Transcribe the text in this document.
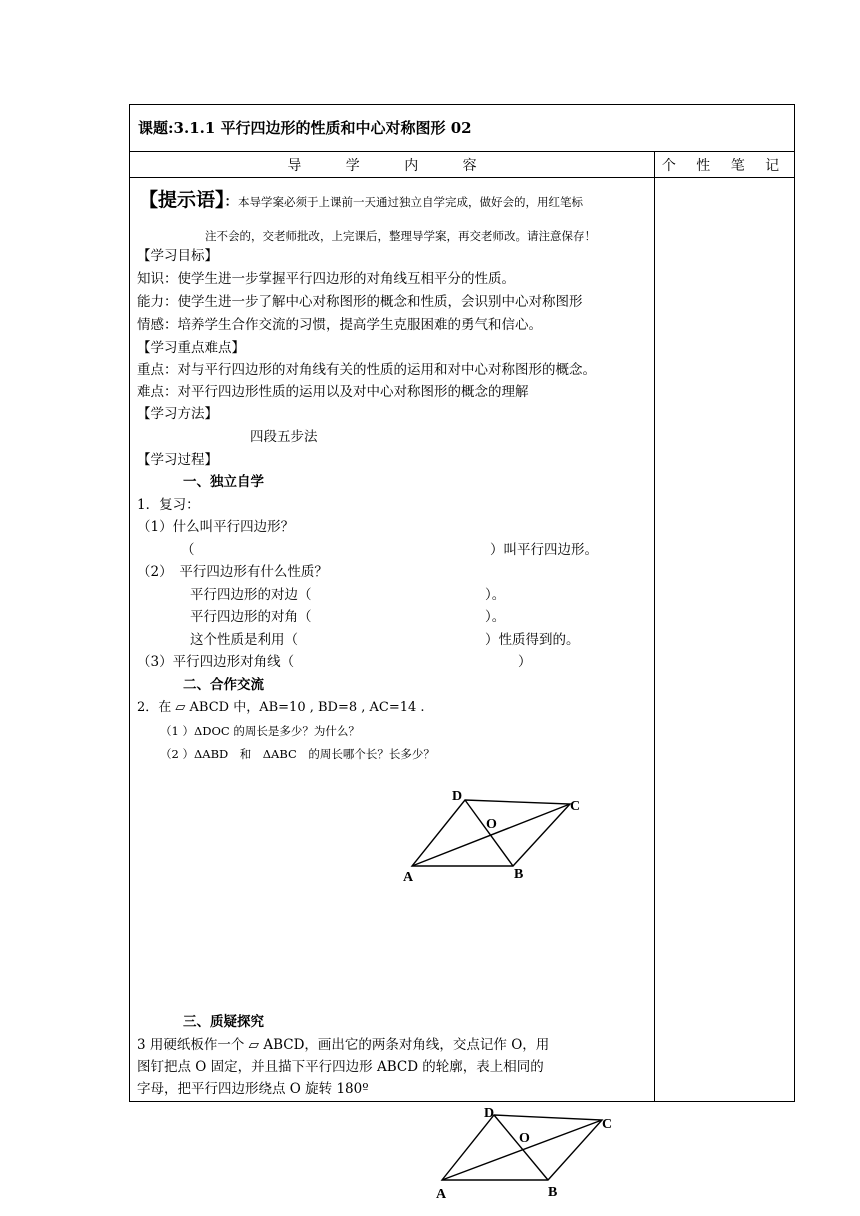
课题:3.1.1 平行四边形的性质和中心对称图形 02
导 学 内 容	个 性 笔 记
【提示语】：本导学案必须于上课前一天通过独立自学完成，做好会的，用红笔标
注不会的，交老师批改，上完课后，整理导学案，再交老师改。请注意保存！
【学习目标】
知识：使学生进一步掌握平行四边形的对角线互相平分的性质。
能力：使学生进一步了解中心对称图形的概念和性质，会识别中心对称图形
情感：培养学生合作交流的习惯，提高学生克服困难的勇气和信心。
【学习重点难点】
重点：对与平行四边形的对角线有关的性质的运用和对中心对称图形的概念。
难点：对平行四边形性质的运用以及对中心对称图形的概念的理解
【学习方法】
四段五步法
【学习过程】
一、独立自学
1．复习：
（1）什么叫平行四边形？
（	）叫平行四边形。
（2）　平行四边形有什么性质？
平行四边形的对边（	）。
平行四边形的对角（	）。
这个性质是利用（	）性质得到的。
（3）平行四边形对角线（	）
二、合作交流
2．在 ▱ ABCD 中，AB=10 , BD=8 , AC=14 .
（1 ）ΔDOC 的周长是多少？为什么？
（2 ）ΔABD　和　ΔABC　的周长哪个长？长多少？
D
C
O
A	B
三、质疑探究
3 用硬纸板作一个 ▱ ABCD，画出它的两条对角线，交点记作 O，用
图钉把点 O 固定，并且描下平行四边形 ABCD 的轮廓，表上相同的
字母，把平行四边形绕点 O 旋转 180º
D
C
O
A	B
